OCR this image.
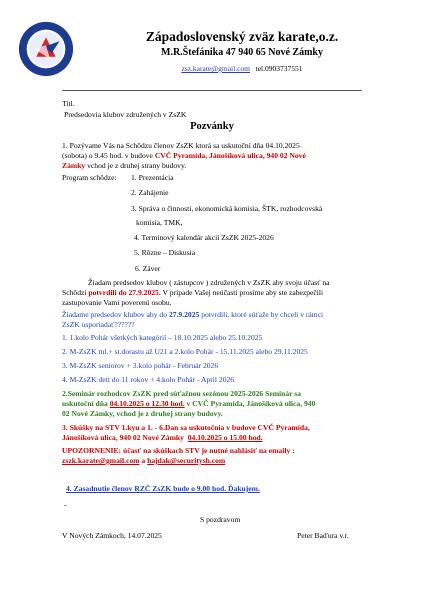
Západoslovenský zväz karate,o.z.
M.R.Štefánika 47 940 65 Nové Zámky
zsz.karate@gmail.com tel.0903737551
Titl.
Predsedovia klubov združených v ZsZK
Pozvánky
1. Pozývame Vás na Schôdzu členov ZsZK ktorá sa uskutoční dňa 04.10.2025
(sobota) o 9.45 hod. v budove CVČ Pyramída, Jánošíková ulica, 940 02 Nové
Zámky vchod je z druhej strany budovy.
Program schôdze: 1. Prezentácia
2. Zahájenie
3. Správa o činnosti, ekonomická komisia, ŠTK, rozhodcovská
komisia, TMK,
4. Terminový kalendár akcií ZsZK 2025-2026
5. Rôzne – Diskusia
6. Záver
Žiadam predsedov klubov ( zástupcov ) združených v ZsZK aby svoju účasť na
Schôdzi potvrdili do 27.9.2025. V prípade Vašej neúčasti prosíme aby ste zabezpečili
zastupovanie Vami poverenú osobu.
Žiadame predsedov klubov aby do 27.9.2025 potvrdili, ktoré súťaže by chceli v rámci
ZsZK usporiadať??????
1. 1.kolo Pohár všetkých kategórií – 18.10.2025 alebo 25.10.2025
2. M-ZsZK ml.+ st.dorastu až U21 a 2.kolo Pohár - 15.11.2025 alebo 29.11.2025
3. M-ZsZK seniorov + 3.kolo pohár - Február 2026
4. M-ZsZK deti do 11 rokov + 4.kolo Pohár - April 2026
2.Seminár rozhodcov ZsZK pred súťažnou sezónou 2025-2026 Seminár sa
uskutoční dňa 04.10.2025 o 12.30 hod. v CVČ Pyramída, Jánošíková ulica, 940
02 Nové Zámky, vchod je z druhej strany budovy.
3. Skúšky na STV 1.kyu a 1. - 6.Dan sa uskutočnia v budove CVČ Pyramída,
Jánošíková ulica, 940 02 Nové Zámky 04.10.2025 o 15.00 hod.
UPOZORNENIE: účasť na skúškach STV je nutné nahlásiť na emaily :
zszk.karate@gmail.com a hajdak@securitysh.com
4. Zasadnutie členov RZČ ZsZK bude o 9.00 hod. Ďakujem.
-
S pozdravom
V Nových Zámkoch, 14.07.2025	Peter Baďura v.r.
